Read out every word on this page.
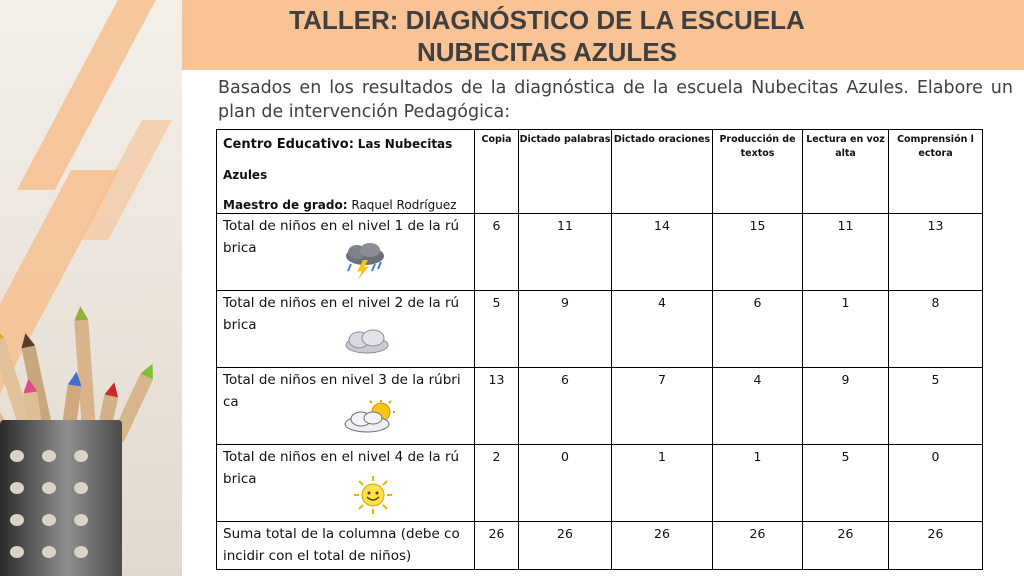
TALLER: DIAGNÓSTICO DE LA ESCUELA
NUBECITAS AZULES
Basados en los resultados de la diagnóstica de la escuela Nubecitas Azules. Elabore un plan de intervención Pedagógica:
Centro Educativo: Las Nubecitas
Azules
Maestro de grado: Raquel Rodríguez	Copia	Dictado palabras	Dictado oraciones	Producción de textos	Lectura en voz alta	Comprensión l ectora
Total de niños en el nivel 1 de la rú brica	6	11	14	15	11	13
Total de niños en el nivel 2 de la rú brica	5	9	4	6	1	8
Total de niños en nivel 3 de la rúbri ca	13	6	7	4	9	5
Total de niños en el nivel 4 de la rú brica	2	0	1	1	5	0
Suma total de la columna (debe co incidir con el total de niños)	26	26	26	26	26	26
